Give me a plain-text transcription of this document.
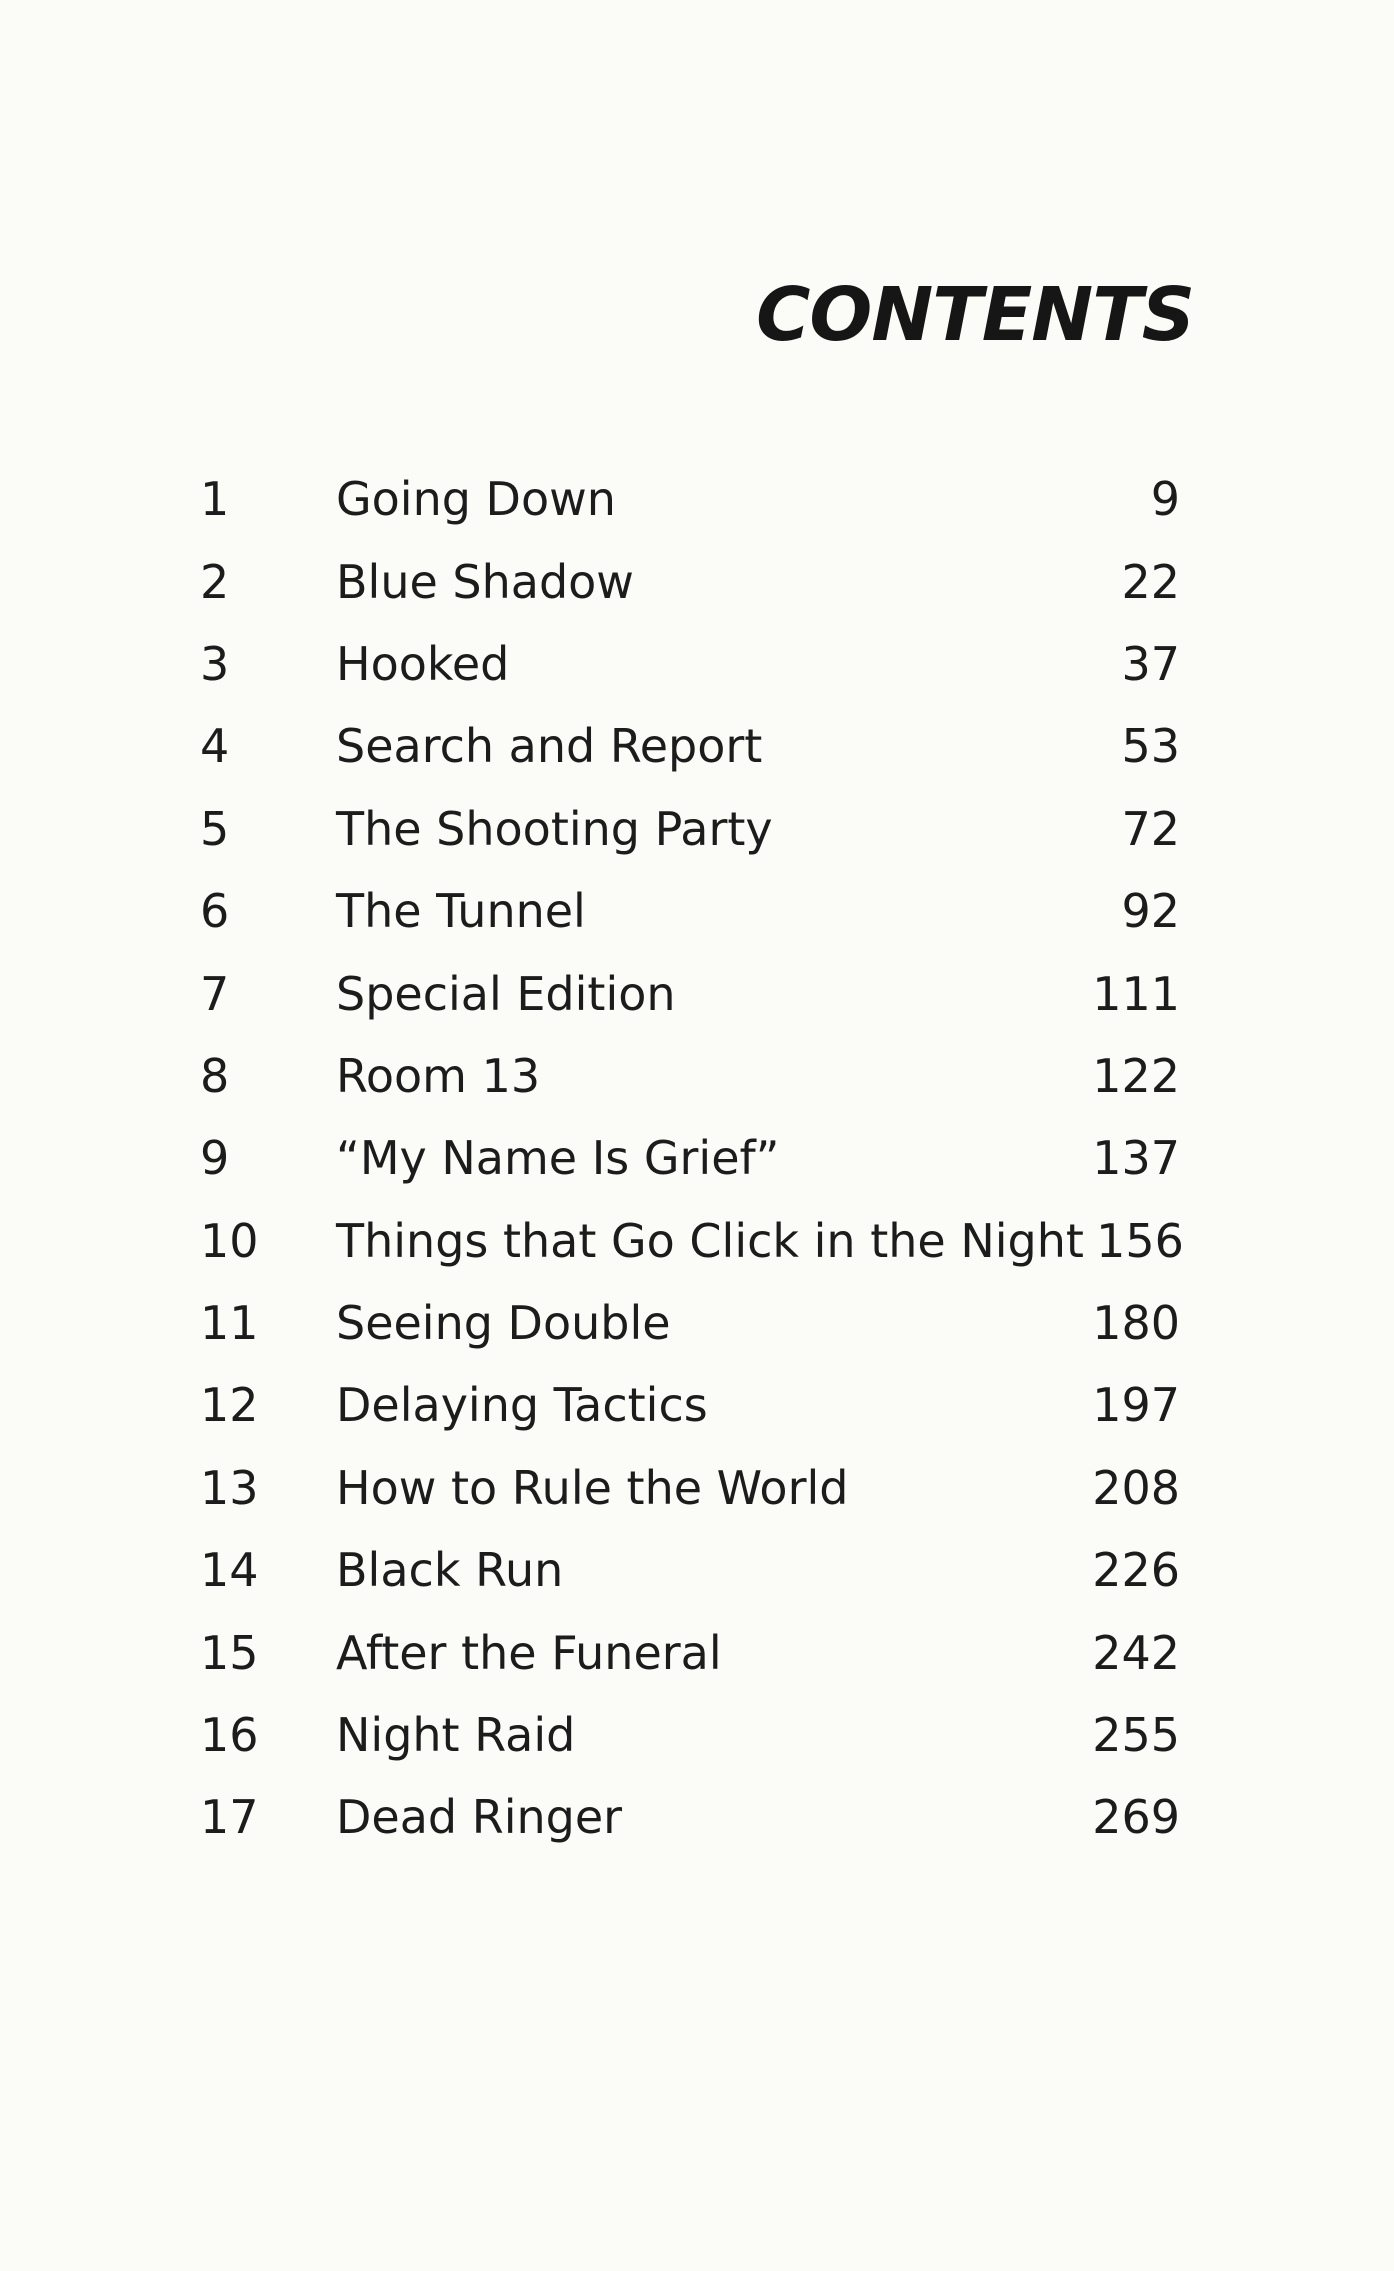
CONTENTS
1	Going Down	9
2	Blue Shadow	22
3	Hooked	37
4	Search and Report	53
5	The Shooting Party	72
6	The Tunnel	92
7	Special Edition	111
8	Room 13	122
9	“My Name Is Grief”	137
10	Things that Go Click in the Night 156
11	Seeing Double	180
12	Delaying Tactics	197
13	How to Rule the World	208
14	Black Run	226
15	After the Funeral	242
16	Night Raid	255
17	Dead Ringer	269
